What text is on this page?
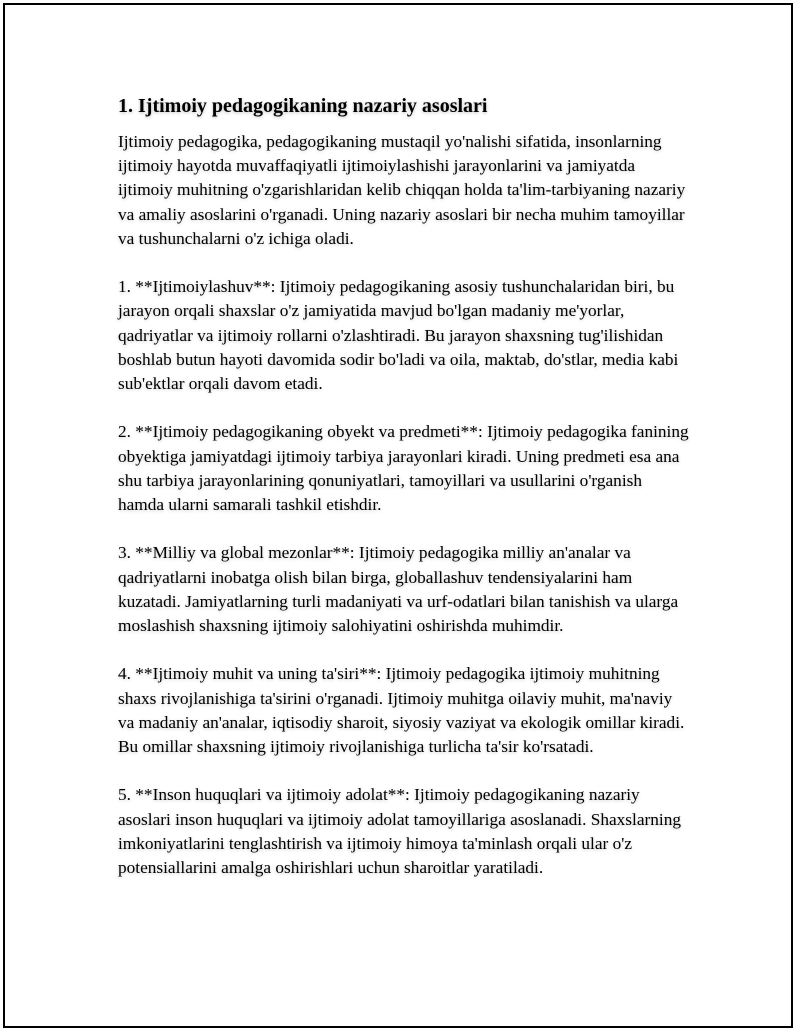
1. Ijtimoiy pedagogikaning nazariy asoslari

Ijtimoiy pedagogika, pedagogikaning mustaqil yo'nalishi sifatida, insonlarning ijtimoiy hayotda muvaffaqiyatli ijtimoiylashishi jarayonlarini va jamiyatda ijtimoiy muhitning o'zgarishlaridan kelib chiqqan holda ta'lim-tarbiyaning nazariy va amaliy asoslarini o'rganadi. Uning nazariy asoslari bir necha muhim tamoyillar va tushunchalarni o'z ichiga oladi.

1. **Ijtimoiylashuv**: Ijtimoiy pedagogikaning asosiy tushunchalaridan biri, bu jarayon orqali shaxslar o'z jamiyatida mavjud bo'lgan madaniy me'yorlar, qadriyatlar va ijtimoiy rollarni o'zlashtiradi. Bu jarayon shaxsning tug'ilishidan boshlab butun hayoti davomida sodir bo'ladi va oila, maktab, do'stlar, media kabi sub'ektlar orqali davom etadi.

2. **Ijtimoiy pedagogikaning obyekt va predmeti**: Ijtimoiy pedagogika fanining obyektiga jamiyatdagi ijtimoiy tarbiya jarayonlari kiradi. Uning predmeti esa ana shu tarbiya jarayonlarining qonuniyatlari, tamoyillari va usullarini o'rganish hamda ularni samarali tashkil etishdir.

3. **Milliy va global mezonlar**: Ijtimoiy pedagogika milliy an'analar va qadriyatlarni inobatga olish bilan birga, globallashuv tendensiyalarini ham kuzatadi. Jamiyatlarning turli madaniyati va urf-odatlari bilan tanishish va ularga moslashish shaxsning ijtimoiy salohiyatini oshirishda muhimdir.

4. **Ijtimoiy muhit va uning ta'siri**: Ijtimoiy pedagogika ijtimoiy muhitning shaxs rivojlanishiga ta'sirini o'rganadi. Ijtimoiy muhitga oilaviy muhit, ma'naviy va madaniy an'analar, iqtisodiy sharoit, siyosiy vaziyat va ekologik omillar kiradi. Bu omillar shaxsning ijtimoiy rivojlanishiga turlicha ta'sir ko'rsatadi.

5. **Inson huquqlari va ijtimoiy adolat**: Ijtimoiy pedagogikaning nazariy asoslari inson huquqlari va ijtimoiy adolat tamoyillariga asoslanadi. Shaxslarning imkoniyatlarini tenglashtirish va ijtimoiy himoya ta'minlash orqali ular o'z potensiallarini amalga oshirishlari uchun sharoitlar yaratiladi.
